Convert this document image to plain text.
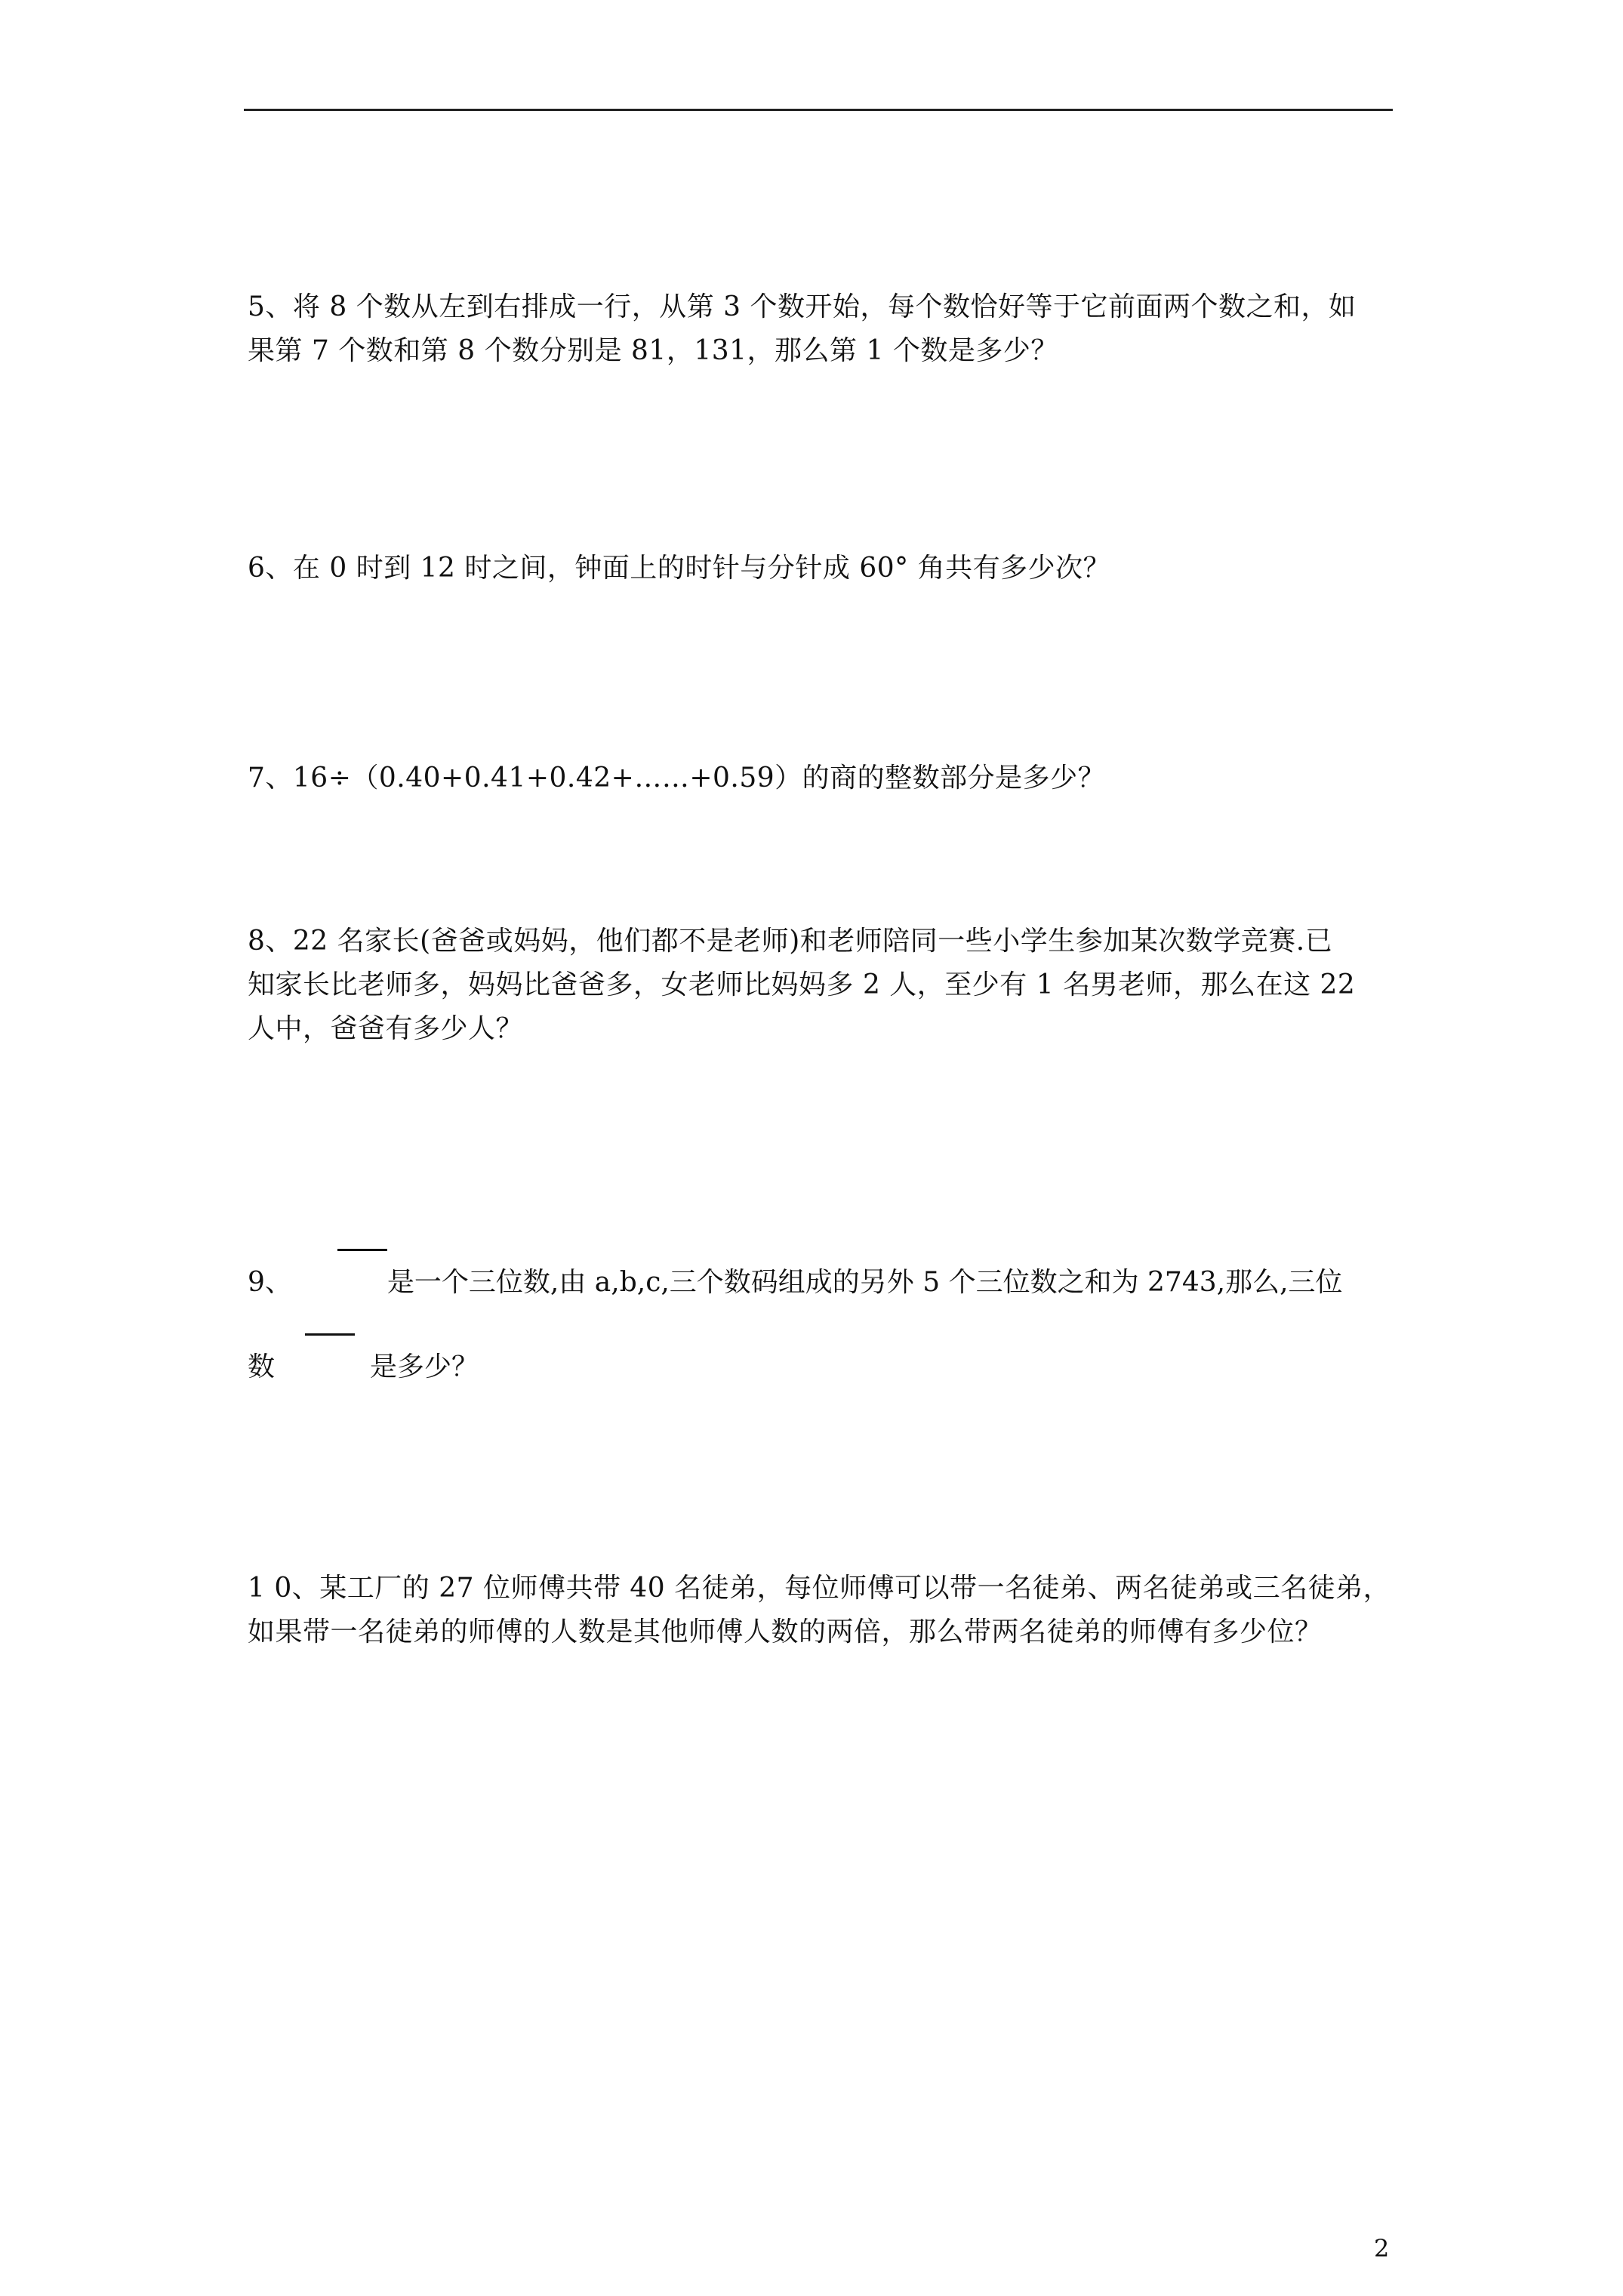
5、将 8 个数从左到右排成一行，从第 3 个数开始，每个数恰好等于它前面两个数之和，如
果第 7 个数和第 8 个数分别是 81，131，那么第 1 个数是多少？
6、在 0 时到 12 时之间，钟面上的时针与分针成 60° 角共有多少次？
7、16÷（0.40+0.41+0.42+……+0.59）的商的整数部分是多少？
8、22 名家长(爸爸或妈妈，他们都不是老师)和老师陪同一些小学生参加某次数学竞赛.已
知家长比老师多，妈妈比爸爸多，女老师比妈妈多 2 人，至少有 1 名男老师，那么在这 22
人中，爸爸有多少人？
9、	是一个三位数,由 a,b,c,三个数码组成的另外 5 个三位数之和为 2743,那么,三位
数	是多少？
1 0、某工厂的 27 位师傅共带 40 名徒弟，每位师傅可以带一名徒弟、两名徒弟或三名徒弟，
如果带一名徒弟的师傅的人数是其他师傅人数的两倍，那么带两名徒弟的师傅有多少位？
2
